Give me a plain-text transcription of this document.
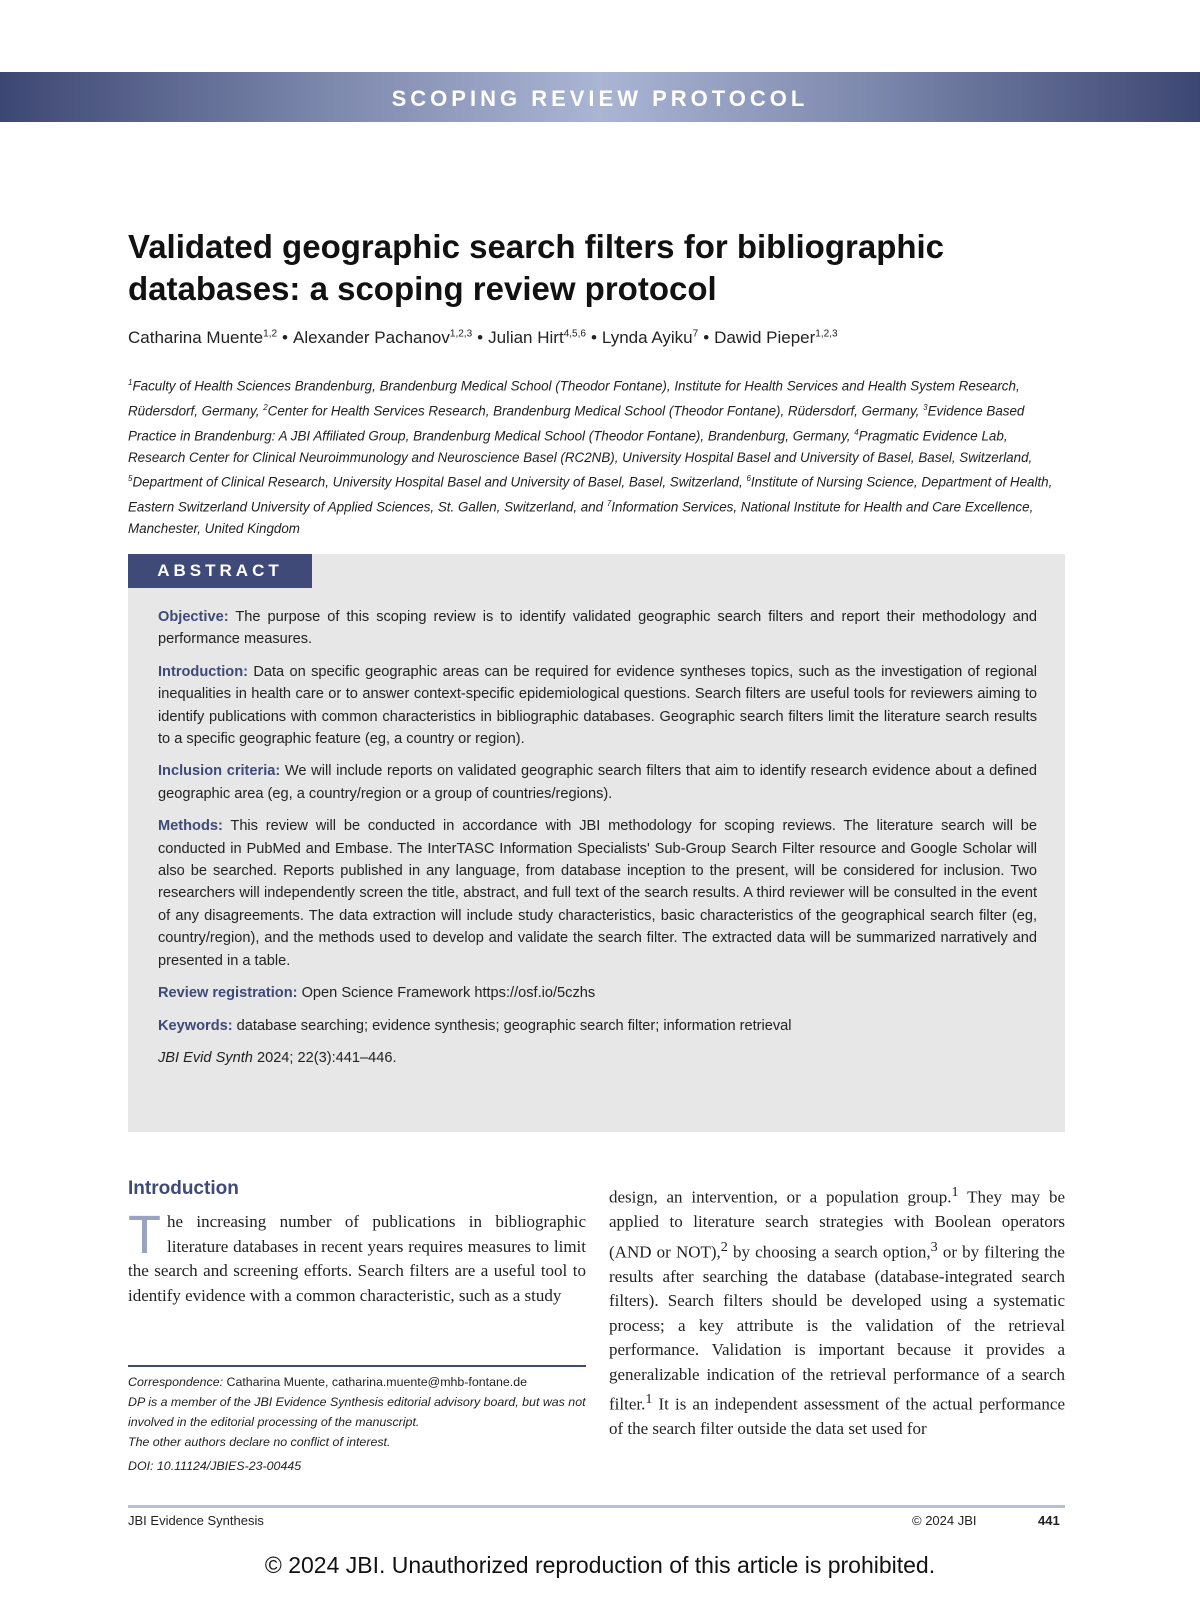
SCOPING REVIEW PROTOCOL
Validated geographic search filters for bibliographic databases: a scoping review protocol
Catharina Muente$^{1,2}$ • Alexander Pachanov$^{1,2,3}$ • Julian Hirt$^{4,5,6}$ • Lynda Ayiku$^7$ • Dawid Pieper$^{1,2,3}$
$^1$Faculty of Health Sciences Brandenburg, Brandenburg Medical School (Theodor Fontane), Institute for Health Services and Health System Research, Rüdersdorf, Germany, $^2$Center for Health Services Research, Brandenburg Medical School (Theodor Fontane), Rüdersdorf, Germany, $^3$Evidence Based Practice in Brandenburg: A JBI Affiliated Group, Brandenburg Medical School (Theodor Fontane), Brandenburg, Germany, $^4$Pragmatic Evidence Lab, Research Center for Clinical Neuroimmunology and Neuroscience Basel (RC2NB), University Hospital Basel and University of Basel, Basel, Switzerland, $^5$Department of Clinical Research, University Hospital Basel and University of Basel, Basel, Switzerland, $^6$Institute of Nursing Science, Department of Health, Eastern Switzerland University of Applied Sciences, St. Gallen, Switzerland, and $^7$Information Services, National Institute for Health and Care Excellence, Manchester, United Kingdom
ABSTRACT

Objective: The purpose of this scoping review is to identify validated geographic search filters and report their methodology and performance measures.

Introduction: Data on specific geographic areas can be required for evidence syntheses topics, such as the investigation of regional inequalities in health care or to answer context-specific epidemiological questions. Search filters are useful tools for reviewers aiming to identify publications with common characteristics in bibliographic databases. Geographic search filters limit the literature search results to a specific geographic feature (eg, a country or region).

Inclusion criteria: We will include reports on validated geographic search filters that aim to identify research evidence about a defined geographic area (eg, a country/region or a group of countries/regions).

Methods: This review will be conducted in accordance with JBI methodology for scoping reviews. The literature search will be conducted in PubMed and Embase. The InterTASC Information Specialists' Sub-Group Search Filter resource and Google Scholar will also be searched. Reports published in any language, from database inception to the present, will be considered for inclusion. Two researchers will independently screen the title, abstract, and full text of the search results. A third reviewer will be consulted in the event of any disagreements. The data extraction will include study characteristics, basic characteristics of the geographical search filter (eg, country/region), and the methods used to develop and validate the search filter. The extracted data will be summarized narratively and presented in a table.

Review registration: Open Science Framework https://osf.io/5czhs

Keywords: database searching; evidence synthesis; geographic search filter; information retrieval

JBI Evid Synth 2024; 22(3):441–446.

Introduction

The increasing number of publications in bibliographic literature databases in recent years requires measures to limit the search and screening efforts. Search filters are a useful tool to identify evidence with a common characteristic, such as a study

Correspondence: Catharina Muente, catharina.muente@mhb-fontane.de
DP is a member of the JBI Evidence Synthesis editorial advisory board, but was not involved in the editorial processing of the manuscript.
The other authors declare no conflict of interest.
DOI: 10.11124/JBIES-23-00445

design, an intervention, or a population group.$^1$ They may be applied to literature search strategies with Boolean operators (AND or NOT),$^2$ by choosing a search option,$^3$ or by filtering the results after searching the database (database-integrated search filters). Search filters should be developed using a systematic process; a key attribute is the validation of the retrieval performance. Validation is important because it provides a generalizable indication of the retrieval performance of a search filter.$^1$ It is an independent assessment of the actual performance of the search filter outside the data set used for

JBI Evidence Synthesis	© 2024 JBI	441
© 2024 JBI. Unauthorized reproduction of this article is prohibited.
